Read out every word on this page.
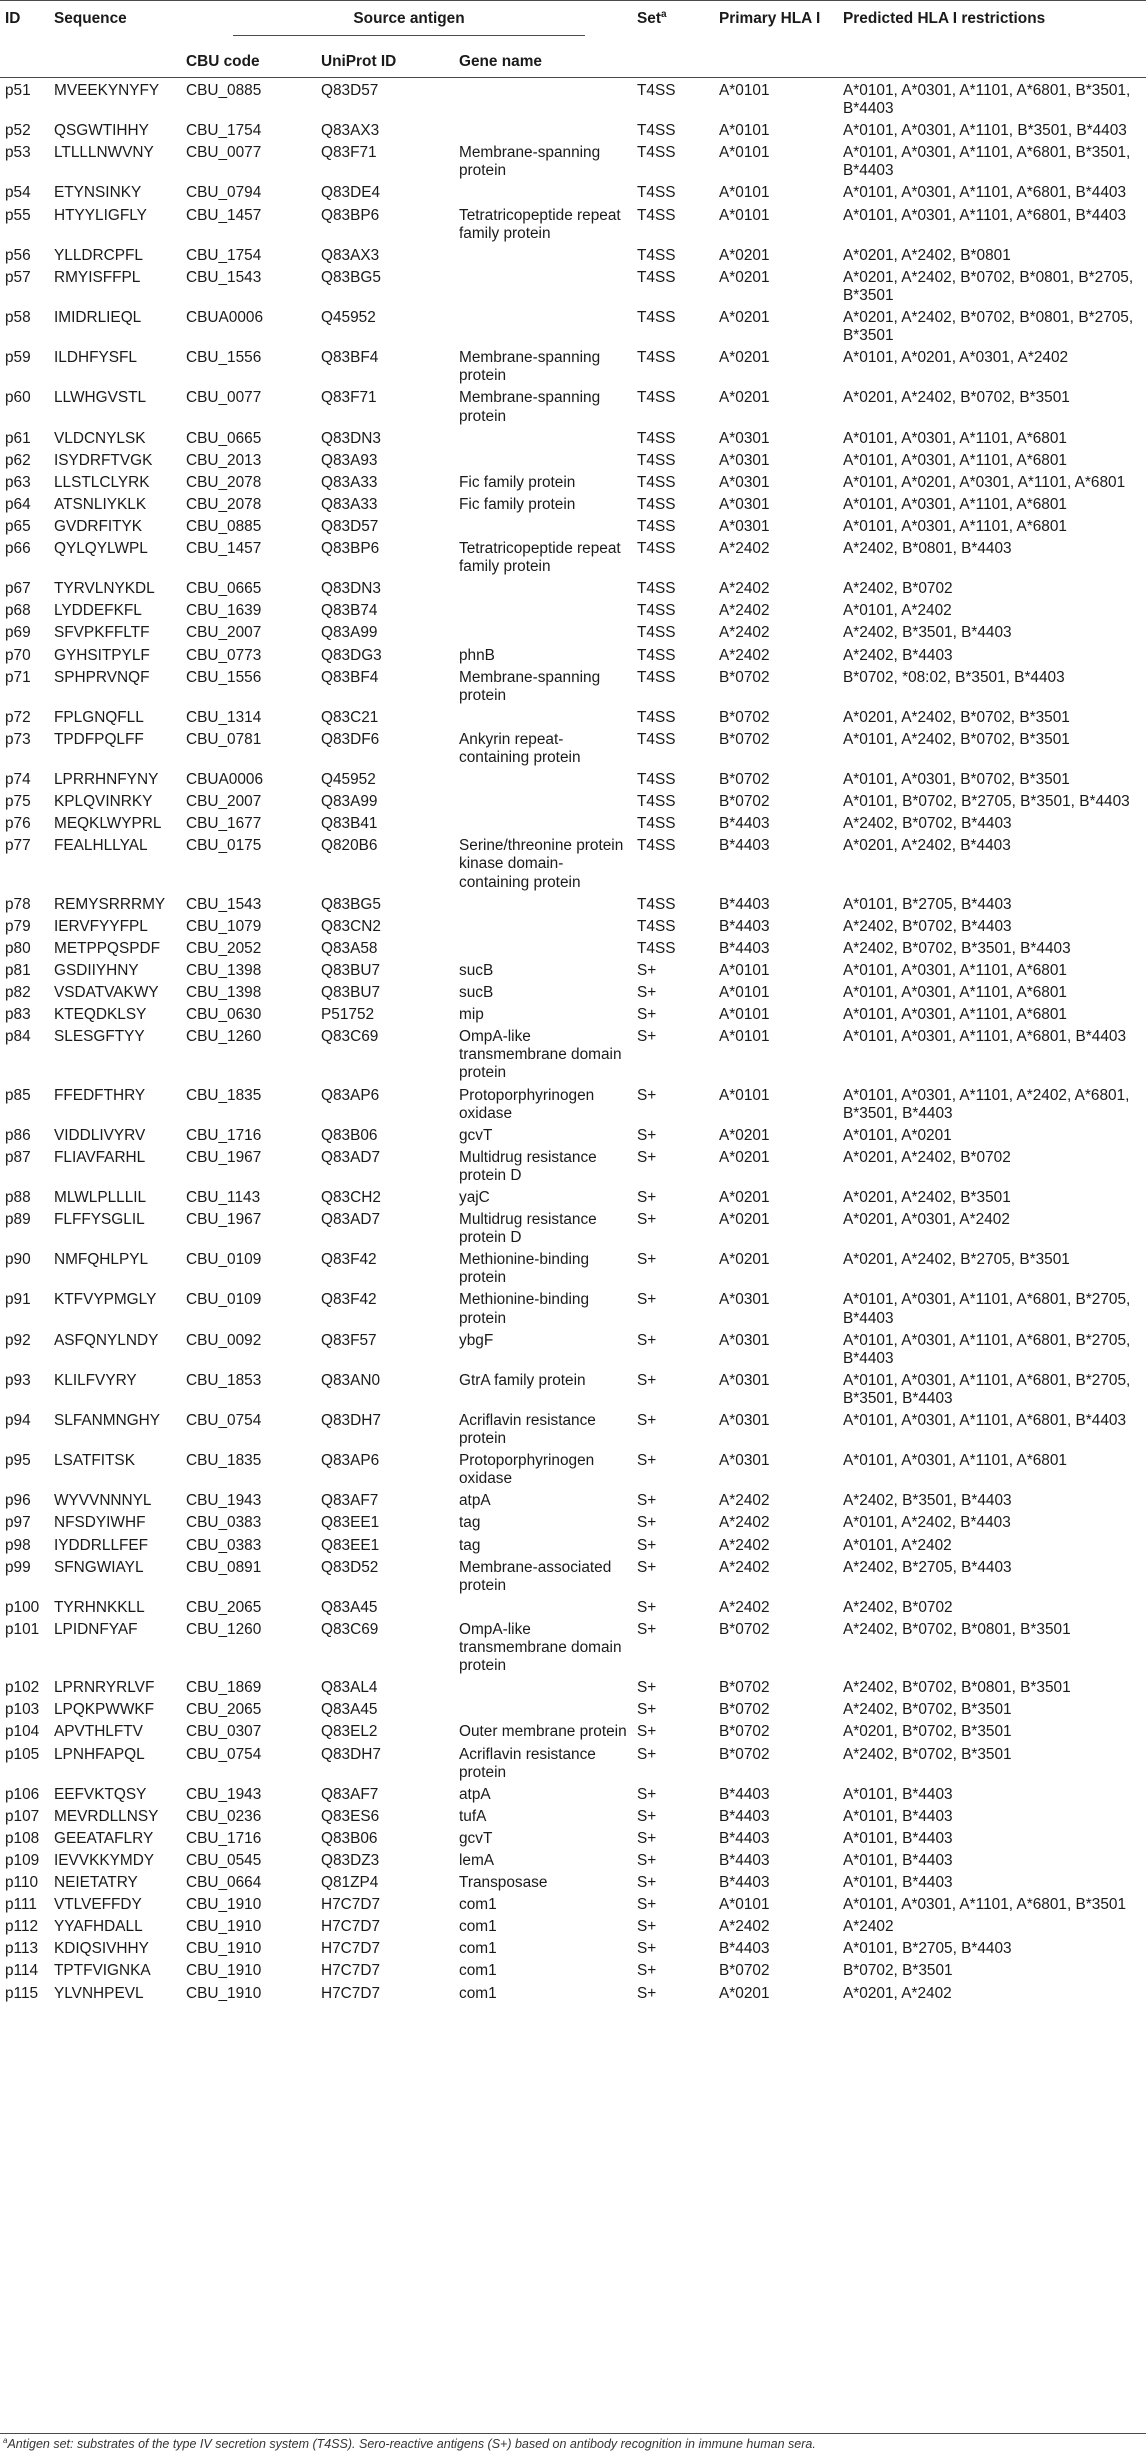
ID	Sequence	Source antigen			Set$^a$	Primary HLA I	Predicted HLA I restrictions
		CBU code	UniProt ID	Gene name			
p51	MVEEKYNYFY	CBU_0885	Q83D57		T4SS	A*0101	A*0101, A*0301, A*1101, A*6801, B*3501, B*4403
p52	QSGWTIHHY	CBU_1754	Q83AX3		T4SS	A*0101	A*0101, A*0301, A*1101, B*3501, B*4403
p53	LTLLLNWVNY	CBU_0077	Q83F71	Membrane-spanning protein	T4SS	A*0101	A*0101, A*0301, A*1101, A*6801, B*3501, B*4403
p54	ETYNSINKY	CBU_0794	Q83DE4		T4SS	A*0101	A*0101, A*0301, A*1101, A*6801, B*4403
p55	HTYYLIGFLY	CBU_1457	Q83BP6	Tetratricopeptide repeat family protein	T4SS	A*0101	A*0101, A*0301, A*1101, A*6801, B*4403
p56	YLLDRCPFL	CBU_1754	Q83AX3		T4SS	A*0201	A*0201, A*2402, B*0801
p57	RMYISFFPL	CBU_1543	Q83BG5		T4SS	A*0201	A*0201, A*2402, B*0702, B*0801, B*2705, B*3501
p58	IMIDRLIEQL	CBUA0006	Q45952		T4SS	A*0201	A*0201, A*2402, B*0702, B*0801, B*2705, B*3501
p59	ILDHFYSFL	CBU_1556	Q83BF4	Membrane-spanning protein	T4SS	A*0201	A*0101, A*0201, A*0301, A*2402
p60	LLWHGVSTL	CBU_0077	Q83F71	Membrane-spanning protein	T4SS	A*0201	A*0201, A*2402, B*0702, B*3501
p61	VLDCNYLSK	CBU_0665	Q83DN3		T4SS	A*0301	A*0101, A*0301, A*1101, A*6801
p62	ISYDRFTVGK	CBU_2013	Q83A93		T4SS	A*0301	A*0101, A*0301, A*1101, A*6801
p63	LLSTLCLYRK	CBU_2078	Q83A33	Fic family protein	T4SS	A*0301	A*0101, A*0201, A*0301, A*1101, A*6801
p64	ATSNLIYKLK	CBU_2078	Q83A33	Fic family protein	T4SS	A*0301	A*0101, A*0301, A*1101, A*6801
p65	GVDRFITYK	CBU_0885	Q83D57		T4SS	A*0301	A*0101, A*0301, A*1101, A*6801
p66	QYLQYLWPL	CBU_1457	Q83BP6	Tetratricopeptide repeat family protein	T4SS	A*2402	A*2402, B*0801, B*4403
p67	TYRVLNYKDL	CBU_0665	Q83DN3		T4SS	A*2402	A*2402, B*0702
p68	LYDDEFKFL	CBU_1639	Q83B74		T4SS	A*2402	A*0101, A*2402
p69	SFVPKFFLTF	CBU_2007	Q83A99		T4SS	A*2402	A*2402, B*3501, B*4403
p70	GYHSITPYLF	CBU_0773	Q83DG3	phnB	T4SS	A*2402	A*2402, B*4403
p71	SPHPRVNQF	CBU_1556	Q83BF4	Membrane-spanning protein	T4SS	B*0702	B*0702, *08:02, B*3501, B*4403
p72	FPLGNQFLL	CBU_1314	Q83C21		T4SS	B*0702	A*0201, A*2402, B*0702, B*3501
p73	TPDFPQLFF	CBU_0781	Q83DF6	Ankyrin repeat-containing protein	T4SS	B*0702	A*0101, A*2402, B*0702, B*3501
p74	LPRRHNFYNY	CBUA0006	Q45952		T4SS	B*0702	A*0101, A*0301, B*0702, B*3501
p75	KPLQVINRKY	CBU_2007	Q83A99		T4SS	B*0702	A*0101, B*0702, B*2705, B*3501, B*4403
p76	MEQKLWYPRL	CBU_1677	Q83B41		T4SS	B*4403	A*2402, B*0702, B*4403
p77	FEALHLLYAL	CBU_0175	Q820B6	Serine/threonine protein kinase domain-containing protein	T4SS	B*4403	A*0201, A*2402, B*4403
p78	REMYSRRRMY	CBU_1543	Q83BG5		T4SS	B*4403	A*0101, B*2705, B*4403
p79	IERVFYYFPL	CBU_1079	Q83CN2		T4SS	B*4403	A*2402, B*0702, B*4403
p80	METPPQSPDF	CBU_2052	Q83A58		T4SS	B*4403	A*2402, B*0702, B*3501, B*4403
p81	GSDIIYHNY	CBU_1398	Q83BU7	sucB	S+	A*0101	A*0101, A*0301, A*1101, A*6801
p82	VSDATVAKWY	CBU_1398	Q83BU7	sucB	S+	A*0101	A*0101, A*0301, A*1101, A*6801
p83	KTEQDKLSY	CBU_0630	P51752	mip	S+	A*0101	A*0101, A*0301, A*1101, A*6801
p84	SLESGFTYY	CBU_1260	Q83C69	OmpA-like transmembrane domain protein	S+	A*0101	A*0101, A*0301, A*1101, A*6801, B*4403
p85	FFEDFTHRY	CBU_1835	Q83AP6	Protoporphyrinogen oxidase	S+	A*0101	A*0101, A*0301, A*1101, A*2402, A*6801, B*3501, B*4403
p86	VIDDLIVYRV	CBU_1716	Q83B06	gcvT	S+	A*0201	A*0101, A*0201
p87	FLIAVFARHL	CBU_1967	Q83AD7	Multidrug resistance protein D	S+	A*0201	A*0201, A*2402, B*0702
p88	MLWLPLLLIL	CBU_1143	Q83CH2	yajC	S+	A*0201	A*0201, A*2402, B*3501
p89	FLFFYSGLIL	CBU_1967	Q83AD7	Multidrug resistance protein D	S+	A*0201	A*0201, A*0301, A*2402
p90	NMFQHLPYL	CBU_0109	Q83F42	Methionine-binding protein	S+	A*0201	A*0201, A*2402, B*2705, B*3501
p91	KTFVYPMGLY	CBU_0109	Q83F42	Methionine-binding protein	S+	A*0301	A*0101, A*0301, A*1101, A*6801, B*2705, B*4403
p92	ASFQNYLNDY	CBU_0092	Q83F57	ybgF	S+	A*0301	A*0101, A*0301, A*1101, A*6801, B*2705, B*4403
p93	KLILFVYRY	CBU_1853	Q83AN0	GtrA family protein	S+	A*0301	A*0101, A*0301, A*1101, A*6801, B*2705, B*3501, B*4403
p94	SLFANMNGHY	CBU_0754	Q83DH7	Acriflavin resistance protein	S+	A*0301	A*0101, A*0301, A*1101, A*6801, B*4403
p95	LSATFITSK	CBU_1835	Q83AP6	Protoporphyrinogen oxidase	S+	A*0301	A*0101, A*0301, A*1101, A*6801
p96	WYVVNNNYL	CBU_1943	Q83AF7	atpA	S+	A*2402	A*2402, B*3501, B*4403
p97	NFSDYIWHF	CBU_0383	Q83EE1	tag	S+	A*2402	A*0101, A*2402, B*4403
p98	IYDDRLLFEF	CBU_0383	Q83EE1	tag	S+	A*2402	A*0101, A*2402
p99	SFNGWIAYL	CBU_0891	Q83D52	Membrane-associated protein	S+	A*2402	A*2402, B*2705, B*4403
p100	TYRHNKKLL	CBU_2065	Q83A45		S+	A*2402	A*2402, B*0702
p101	LPIDNFYAF	CBU_1260	Q83C69	OmpA-like transmembrane domain protein	S+	B*0702	A*2402, B*0702, B*0801, B*3501
p102	LPRNRYRLVF	CBU_1869	Q83AL4		S+	B*0702	A*2402, B*0702, B*0801, B*3501
p103	LPQKPWWKF	CBU_2065	Q83A45		S+	B*0702	A*2402, B*0702, B*3501
p104	APVTHLFTV	CBU_0307	Q83EL2	Outer membrane protein	S+	B*0702	A*0201, B*0702, B*3501
p105	LPNHFAPQL	CBU_0754	Q83DH7	Acriflavin resistance protein	S+	B*0702	A*2402, B*0702, B*3501
p106	EEFVKTQSY	CBU_1943	Q83AF7	atpA	S+	B*4403	A*0101, B*4403
p107	MEVRDLLNSY	CBU_0236	Q83ES6	tufA	S+	B*4403	A*0101, B*4403
p108	GEEATAFLRY	CBU_1716	Q83B06	gcvT	S+	B*4403	A*0101, B*4403
p109	IEVVKKYMDY	CBU_0545	Q83DZ3	lemA	S+	B*4403	A*0101, B*4403
p110	NEIETATRY	CBU_0664	Q81ZP4	Transposase	S+	B*4403	A*0101, B*4403
p111	VTLVEFFDY	CBU_1910	H7C7D7	com1	S+	A*0101	A*0101, A*0301, A*1101, A*6801, B*3501
p112	YYAFHDALL	CBU_1910	H7C7D7	com1	S+	A*2402	A*2402
p113	KDIQSIVHHY	CBU_1910	H7C7D7	com1	S+	B*4403	A*0101, B*2705, B*4403
p114	TPTFVIGNKA	CBU_1910	H7C7D7	com1	S+	B*0702	B*0702, B*3501
p115	YLVNHPEVL	CBU_1910	H7C7D7	com1	S+	A*0201	A*0201, A*2402
$^a$Antigen set: substrates of the type IV secretion system (T4SS). Sero-reactive antigens (S+) based on antibody recognition in immune human sera.
